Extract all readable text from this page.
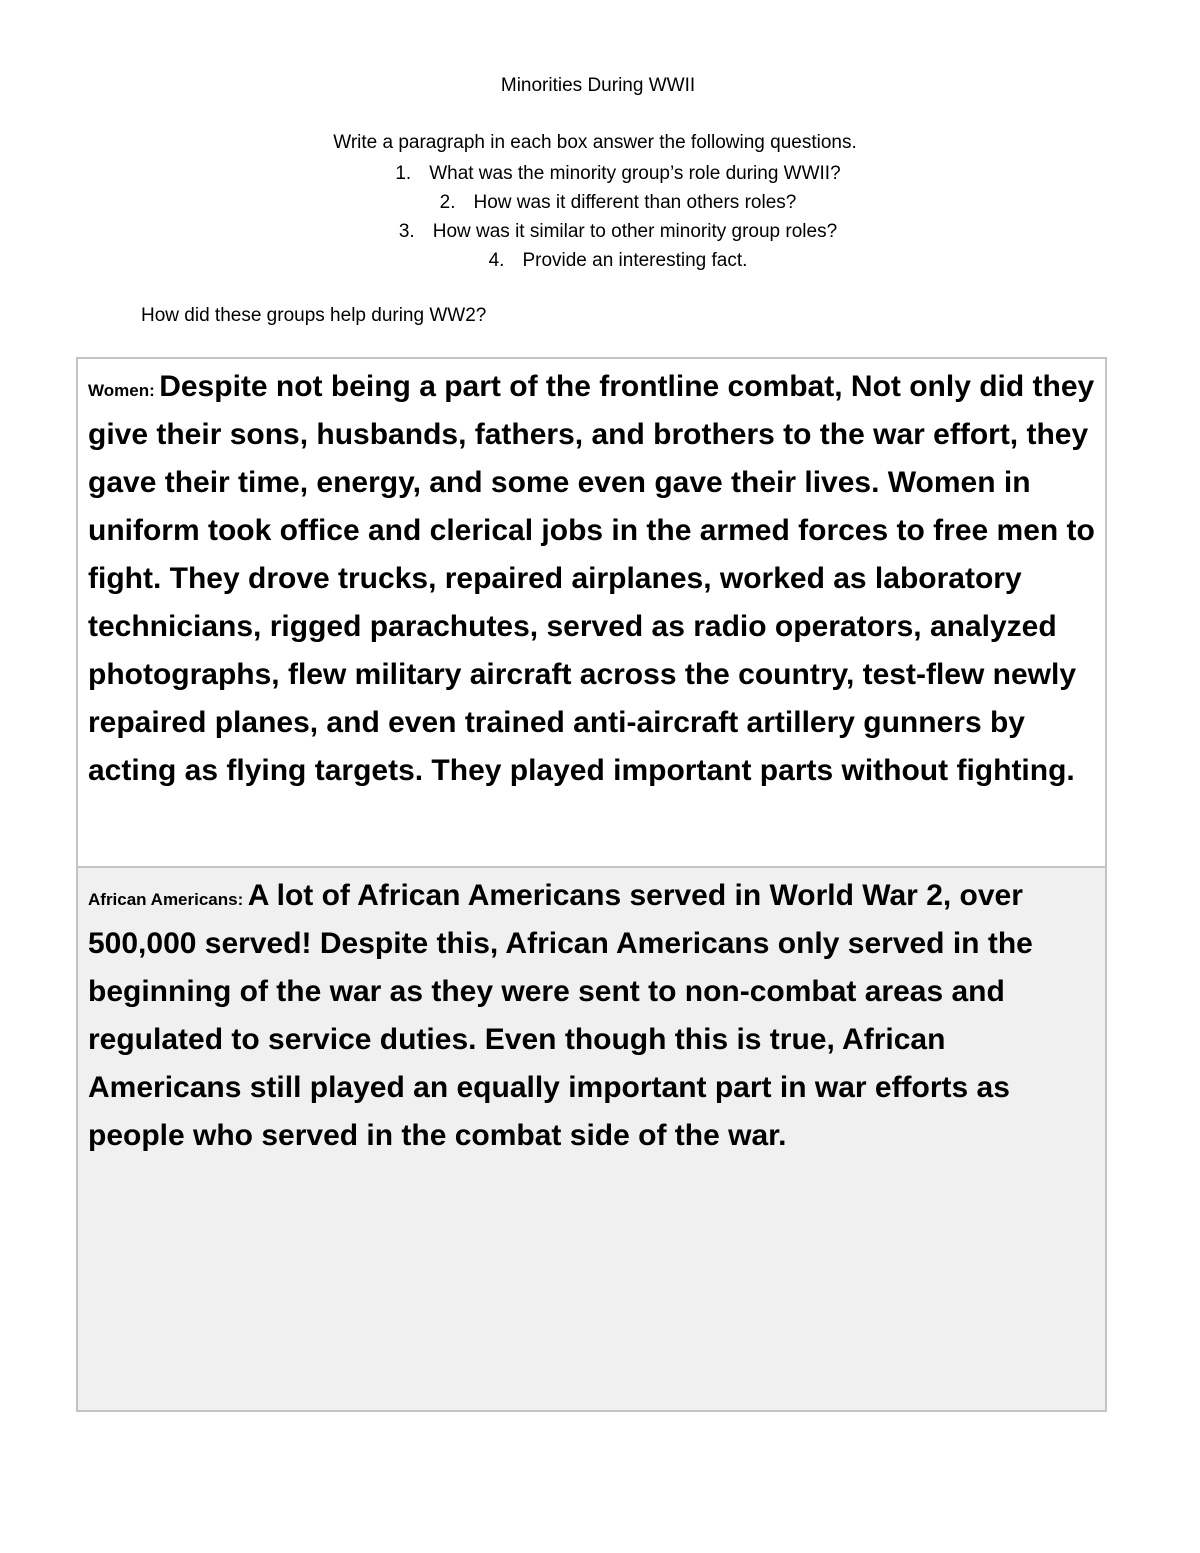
Minorities During WWII
Write a paragraph in each box answer the following questions.
1. What was the minority group’s role during WWII?
2. How was it different than others roles?
3. How was it similar to other minority group roles?
4. Provide an interesting fact.
How did these groups help during WW2?

Women: Despite not being a part of the frontline combat, Not only did they give their sons, husbands, fathers, and brothers to the war effort, they gave their time, energy, and some even gave their lives. Women in uniform took office and clerical jobs in the armed forces to free men to fight. They drove trucks, repaired airplanes, worked as laboratory technicians, rigged parachutes, served as radio operators, analyzed photographs, flew military aircraft across the country, test-flew newly repaired planes, and even trained anti-aircraft artillery gunners by acting as flying targets. They played important parts without fighting.

African Americans: A lot of African Americans served in World War 2, over 500,000 served! Despite this, African Americans only served in the beginning of the war as they were sent to non-combat areas and regulated to service duties. Even though this is true, African Americans still played an equally important part in war efforts as people who served in the combat side of the war.
